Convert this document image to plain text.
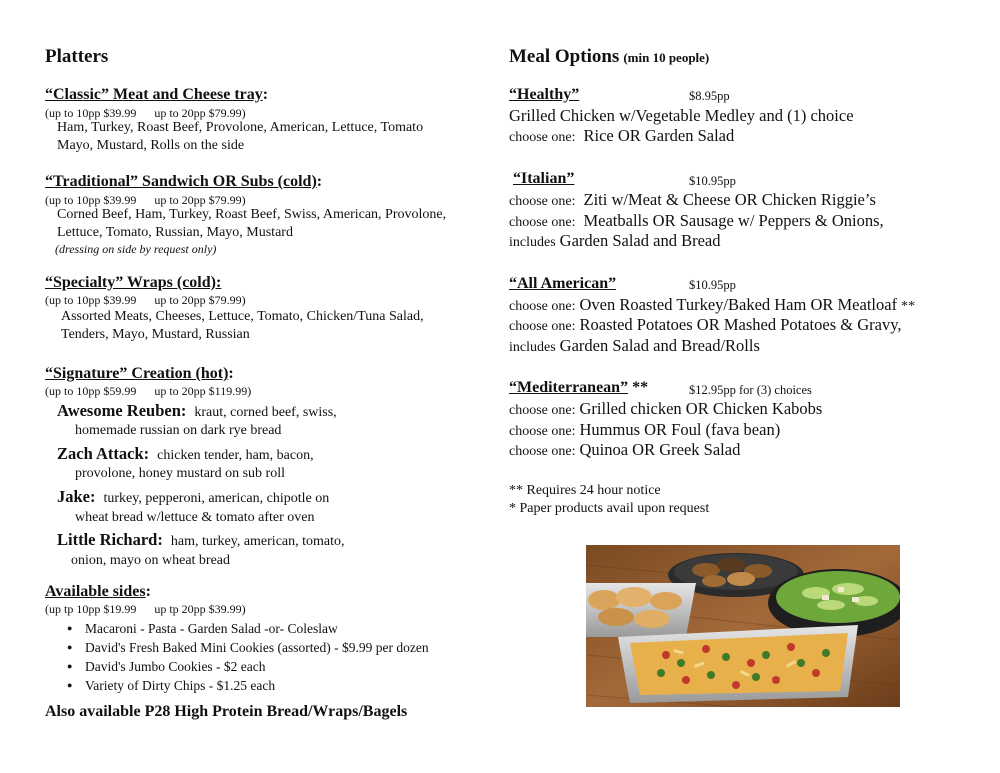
Platters
“Classic” Meat and Cheese tray:
(up to 10pp $39.99 up to 20pp $79.99)
Ham, Turkey, Roast Beef, Provolone, American, Lettuce, Tomato
Mayo, Mustard, Rolls on the side
“Traditional” Sandwich OR Subs (cold):
(up to 10pp $39.99 up to 20pp $79.99)
Corned Beef, Ham, Turkey, Roast Beef, Swiss, American, Provolone,
Lettuce, Tomato, Russian, Mayo, Mustard
(dressing on side by request only)
“Specialty” Wraps (cold):
(up to 10pp $39.99 up to 20pp $79.99)
Assorted Meats, Cheeses, Lettuce, Tomato, Chicken/Tuna Salad,
Tenders, Mayo, Mustard, Russian
“Signature” Creation (hot):
(up to 10pp $59.99 up to 20pp $119.99)
Awesome Reuben: kraut, corned beef, swiss,
homemade russian on dark rye bread
Zach Attack: chicken tender, ham, bacon,
provolone, honey mustard on sub roll
Jake: turkey, pepperoni, american, chipotle on
wheat bread w/lettuce & tomato after oven
Little Richard: ham, turkey, american, tomato,
onion, mayo on wheat bread
Available sides:
(up tp 10pp $19.99 up tp 20pp $39.99)
● Macaroni - Pasta - Garden Salad -or- Coleslaw
● David's Fresh Baked Mini Cookies (assorted) - $9.99 per dozen
● David's Jumbo Cookies - $2 each
● Variety of Dirty Chips - $1.25 each
Also available P28 High Protein Bread/Wraps/Bagels
Meal Options (min 10 people)
“Healthy”	$8.95pp
Grilled Chicken w/Vegetable Medley and (1) choice
choose one: Rice OR Garden Salad
“Italian”	$10.95pp
choose one: Ziti w/Meat & Cheese OR Chicken Riggie’s
choose one: Meatballs OR Sausage w/ Peppers & Onions,
includes Garden Salad and Bread
“All American”	$10.95pp
choose one: Oven Roasted Turkey/Baked Ham OR Meatloaf **
choose one: Roasted Potatoes OR Mashed Potatoes & Gravy,
includes Garden Salad and Bread/Rolls
“Mediterranean” **	$12.95pp for (3) choices
choose one: Grilled chicken OR Chicken Kabobs
choose one: Hummus OR Foul (fava bean)
choose one: Quinoa OR Greek Salad
** Requires 24 hour notice
* Paper products avail upon request
